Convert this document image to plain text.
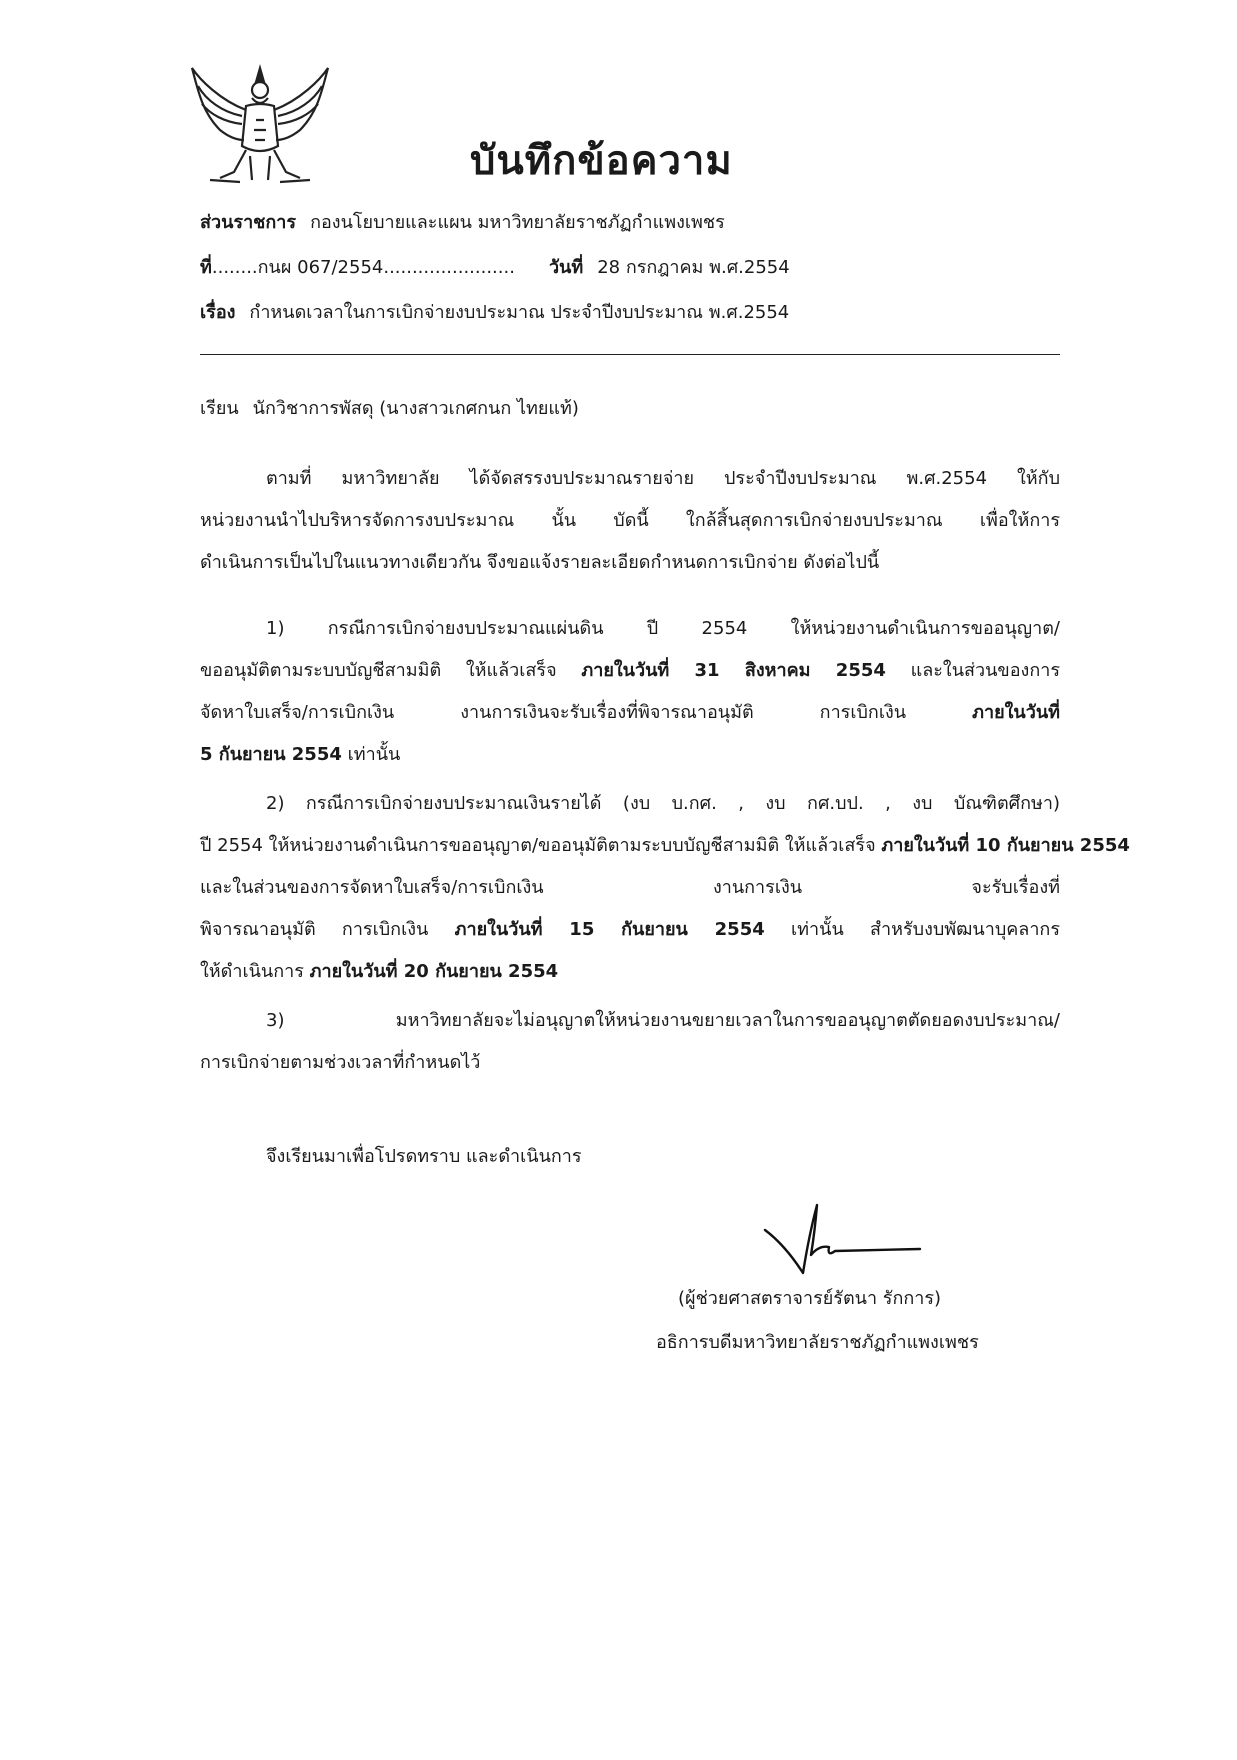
บันทึกข้อความ
ส่วนราชการ กองนโยบายและแผน มหาวิทยาลัยราชภัฏกำแพงเพชร
ที่........กนผ 067/2554....................... วันที่ 28 กรกฎาคม พ.ศ.2554
เรื่อง กำหนดเวลาในการเบิกจ่ายงบประมาณ ประจำปีงบประมาณ พ.ศ.2554
เรียน นักวิชาการพัสดุ (นางสาวเกศกนก ไทยแท้)
ตามที่ มหาวิทยาลัย ได้จัดสรรงบประมาณรายจ่าย ประจำปีงบประมาณ พ.ศ.2554 ให้กับ
หน่วยงานนำไปบริหารจัดการงบประมาณ นั้น บัดนี้ ใกล้สิ้นสุดการเบิกจ่ายงบประมาณ เพื่อให้การ
ดำเนินการเป็นไปในแนวทางเดียวกัน จึงขอแจ้งรายละเอียดกำหนดการเบิกจ่าย ดังต่อไปนี้
1) กรณีการเบิกจ่ายงบประมาณแผ่นดิน ปี 2554 ให้หน่วยงานดำเนินการขออนุญาต/
ขออนุมัติตามระบบบัญชีสามมิติ ให้แล้วเสร็จ ภายในวันที่ 31 สิงหาคม 2554 และในส่วนของการ
จัดหาใบเสร็จ/การเบิกเงิน งานการเงินจะรับเรื่องที่พิจารณาอนุมัติ การเบิกเงิน ภายในวันที่
5 กันยายน 2554 เท่านั้น
2) กรณีการเบิกจ่ายงบประมาณเงินรายได้ (งบ บ.กศ. , งบ กศ.บป. , งบ บัณฑิตศึกษา)
ปี 2554 ให้หน่วยงานดำเนินการขออนุญาต/ขออนุมัติตามระบบบัญชีสามมิติ ให้แล้วเสร็จ ภายในวันที่ 10 กันยายน 2554
และในส่วนของการจัดหาใบเสร็จ/การเบิกเงิน งานการเงิน จะรับเรื่องที่
พิจารณาอนุมัติ การเบิกเงิน ภายในวันที่ 15 กันยายน 2554 เท่านั้น สำหรับงบพัฒนาบุคลากร
ให้ดำเนินการ ภายในวันที่ 20 กันยายน 2554
3) มหาวิทยาลัยจะไม่อนุญาตให้หน่วยงานขยายเวลาในการขออนุญาตตัดยอดงบประมาณ/
การเบิกจ่ายตามช่วงเวลาที่กำหนดไว้
จึงเรียนมาเพื่อโปรดทราบ และดำเนินการ
(ผู้ช่วยศาสตราจารย์รัตนา รักการ)
อธิการบดีมหาวิทยาลัยราชภัฏกำแพงเพชร
